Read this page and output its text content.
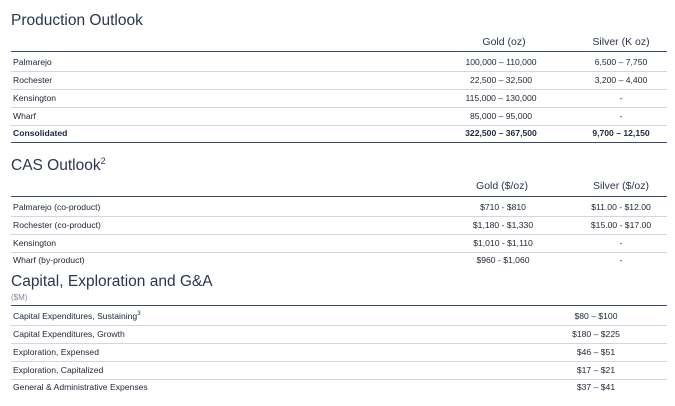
Production Outlook
Gold (oz)	Silver (K oz)
Palmarejo	100,000 – 110,000	6,500 – 7,750
Rochester	22,500 – 32,500	3,200 – 4,400
Kensington	115,000 – 130,000	-
Wharf	85,000 – 95,000	-
Consolidated	322,500 – 367,500	9,700 – 12,150
CAS Outlook$^2$
Gold ($/oz)	Silver ($/oz)
Palmarejo (co-product)	$710 - $810	$11.00 - $12.00
Rochester (co-product)	$1,180 - $1,330	$15.00 - $17.00
Kensington	$1,010 - $1,110	-
Wharf (by-product)	$960 - $1,060	-
Capital, Exploration and G&A
($M)
Capital Expenditures, Sustaining$^3$	$80 – $100
Capital Expenditures, Growth	$180 – $225
Exploration, Expensed	$46 – $51
Exploration, Capitalized	$17 – $21
General & Administrative Expenses	$37 – $41
